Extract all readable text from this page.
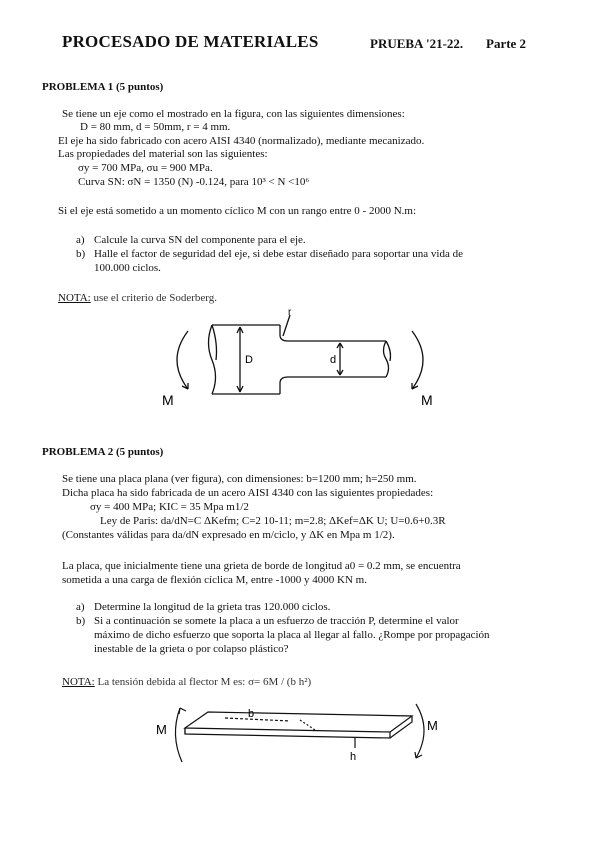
PROCESADO DE MATERIALES	PRUEBA '21-22. Parte 2
PROBLEMA 1 (5 puntos)
Se tiene un eje como el mostrado en la figura, con las siguientes dimensiones:
D = 80 mm, d = 50mm, r = 4 mm.
El eje ha sido fabricado con acero AISI 4340 (normalizado), mediante mecanizado.
Las propiedades del material son las siguientes:
σy = 700 MPa, σu = 900 MPa.
Curva SN: σN = 1350 (N) -0.124, para 10³ < N <10⁶
Si el eje está sometido a un momento cíclico M con un rango entre 0 - 2000 N.m:
a) Calcule la curva SN del componente para el eje.
b) Halle el factor de seguridad del eje, si debe estar diseñado para soportar una vida de
100.000 ciclos.
NOTA: use el criterio de Soderberg.
D	d
r
M	M
PROBLEMA 2 (5 puntos)
Se tiene una placa plana (ver figura), con dimensiones: b=1200 mm; h=250 mm.
Dicha placa ha sido fabricada de un acero AISI 4340 con las siguientes propiedades:
σy = 400 MPa; KIC = 35 Mpa m1/2
Ley de Paris: da/dN=C ΔKefm; C=2 10-11; m=2.8; ΔKef=ΔK U; U=0.6+0.3R
(Constantes válidas para da/dN expresado en m/ciclo, y ΔK en Mpa m 1/2).
La placa, que inicialmente tiene una grieta de borde de longitud a0 = 0.2 mm, se encuentra
sometida a una carga de flexión cíclica M, entre -1000 y 4000 KN m.
a) Determine la longitud de la grieta tras 120.000 ciclos.
b) Si a continuación se somete la placa a un esfuerzo de tracción P, determine el valor
máximo de dicho esfuerzo que soporta la placa al llegar al fallo. ¿Rompe por propagación
inestable de la grieta o por colapso plástico?
NOTA: La tensión debida al flector M es: σ= 6M / (b h²)
b
h
M	M
